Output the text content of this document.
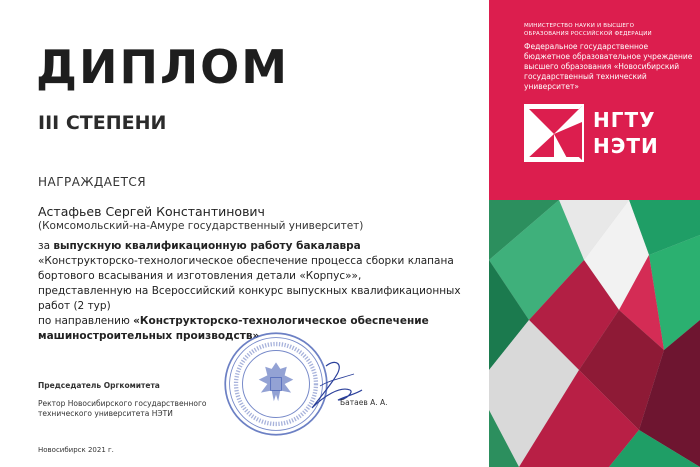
ДИПЛОМ
III СТЕПЕНИ
НАГРАЖДАЕТСЯ
Астафьев Сергей Константинович
(Комсомольский-на-Амуре государственный университет)

за выпускную квалификационную работу бакалавра

«Конструкторско-технологическое обеспечение процесса сборки клапана бортового всасывания и изготовления детали «Корпус»»,

представленную на Всероссийский конкурс выпускных квалификационных работ (2 тур)

по направлению «Конструкторско-технологическое обеспечение машиностроительных производств»

Председатель Оргкомитета
Ректор Новосибирского государственного технического университета НЭТИ
Батаев А. А.
Новосибирск 2021 г.
МИНИСТЕРСТВО НАУКИ И ВЫСШЕГО
ОБРАЗОВАНИЯ РОССИЙСКОЙ ФЕДЕРАЦИИ
Федеральное государственное бюджетное образовательное учреждение высшего образования «Новосибирский государственный технический университет»
НГТУ
НЭТИ
